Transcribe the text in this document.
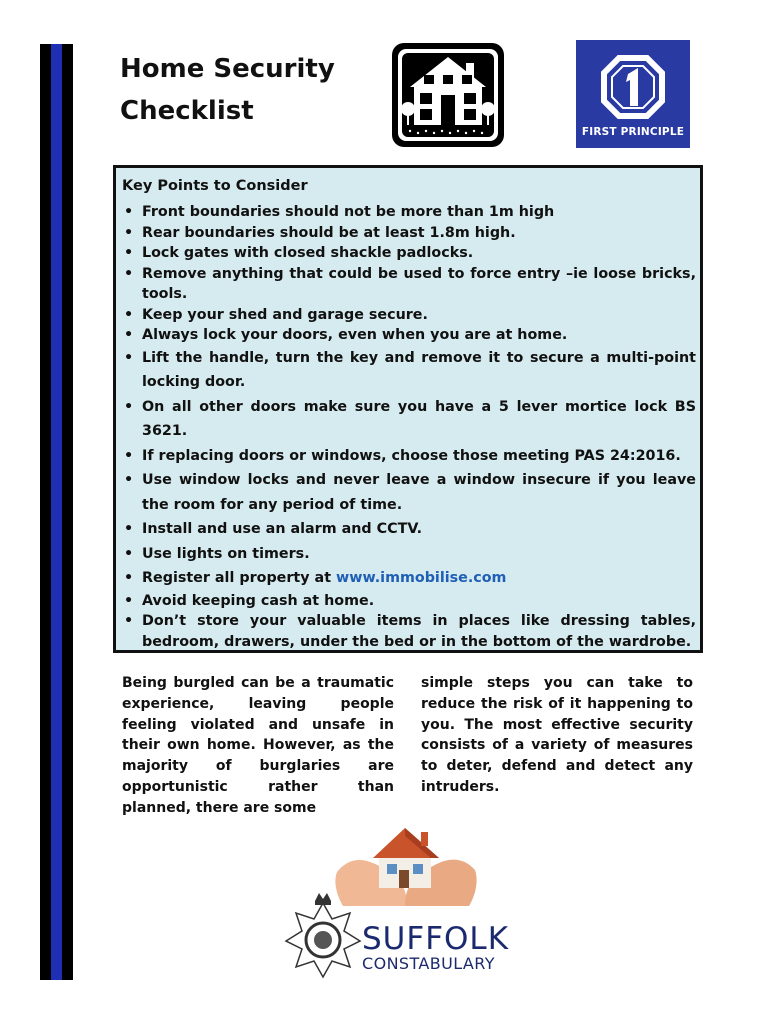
Home Security
Checklist
FIRST PRINCIPLE
Key Points to Consider
• Front boundaries should not be more than 1m high
• Rear boundaries should be at least 1.8m high.
• Lock gates with closed shackle padlocks.
• Remove anything that could be used to force entry –ie loose bricks, tools.
• Keep your shed and garage secure.
• Always lock your doors, even when you are at home.
• Lift the handle, turn the key and remove it to secure a multi-point locking door.
• On all other doors make sure you have a 5 lever mortice lock BS 3621.
• If replacing doors or windows, choose those meeting PAS 24:2016.
• Use window locks and never leave a window insecure if you leave the room for any period of time.
• Install and use an alarm and CCTV.
• Use lights on timers.
• Register all property at www.immobilise.com
• Avoid keeping cash at home.
• Don’t store your valuable items in places like dressing tables, bedroom, drawers, under the bed or in the bottom of the wardrobe.

Being burgled can be a traumatic experience, leaving people feeling violated and unsafe in their own home. However, as the majority of burglaries are opportunistic rather than planned, there are some

simple steps you can take to reduce the risk of it happening to you. The most effective security consists of a variety of measures to deter, defend and detect any intruders.

SUFFOLK
CONSTABULARY
